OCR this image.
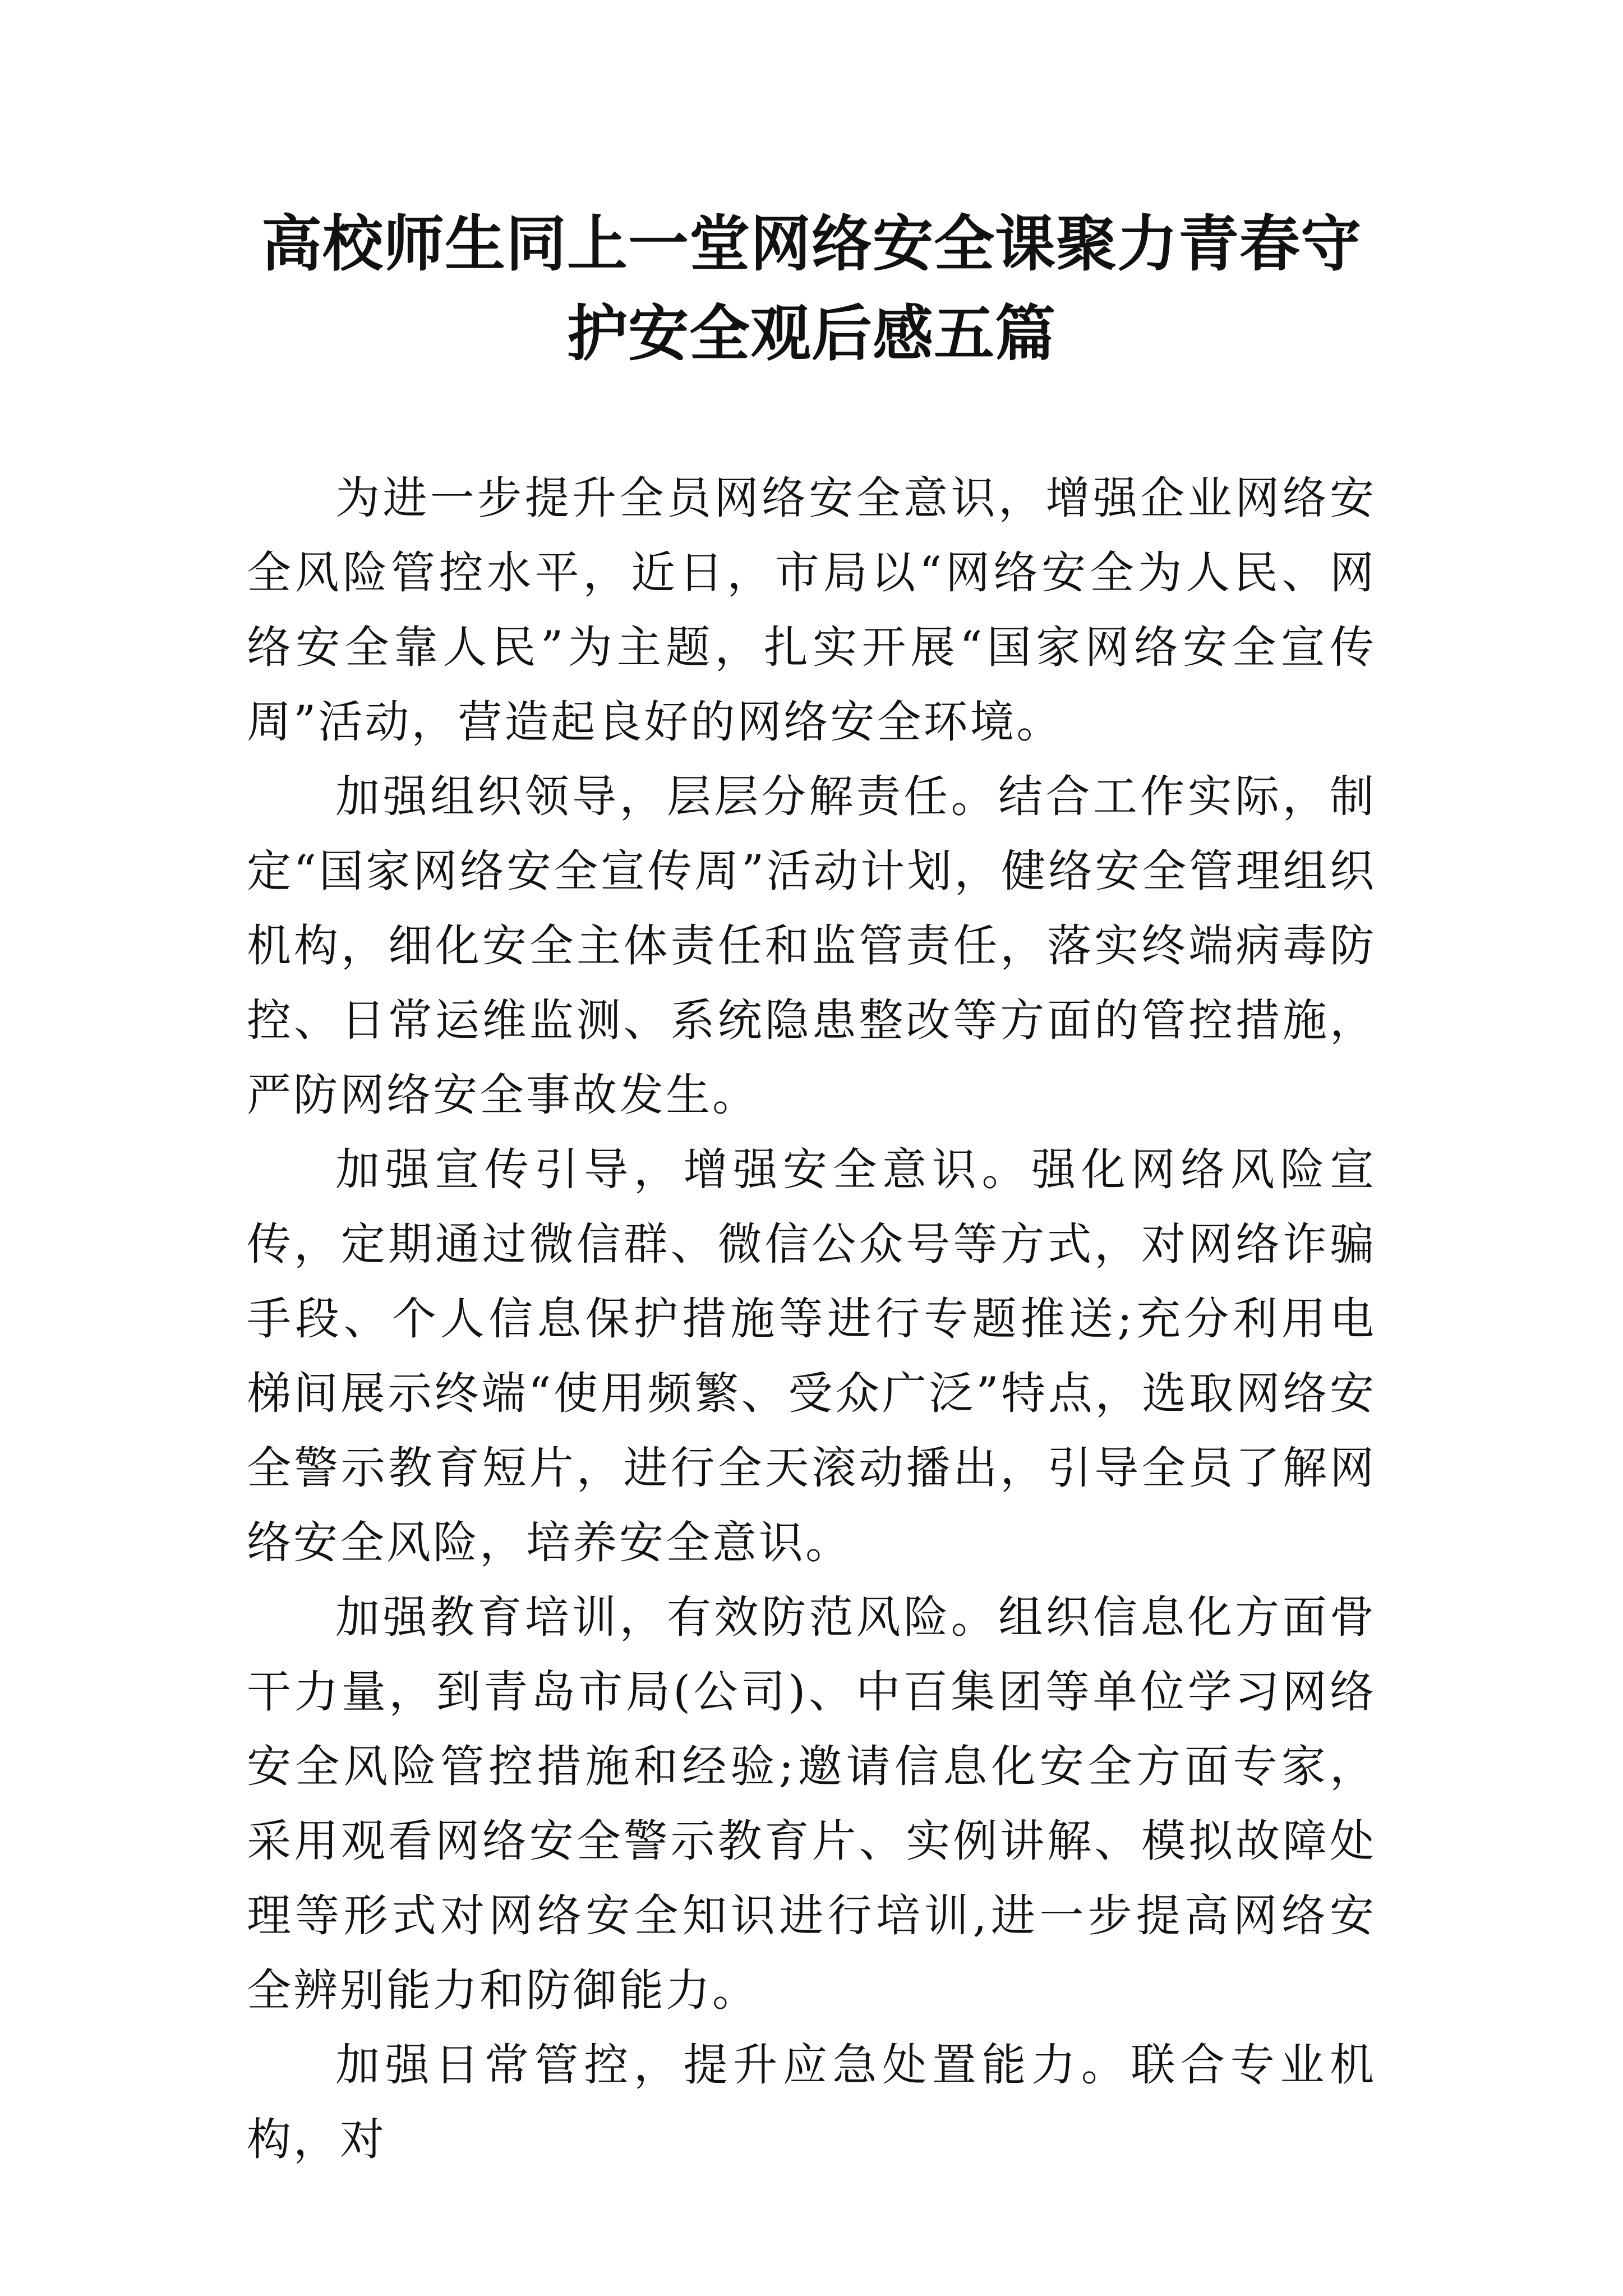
高校师生同上一堂网络安全课聚力青春守
护安全观后感五篇

为进一步提升全员网络安全意识，增强企业网络安全风险管控水平，近日，市局以“网络安全为人民、网络安全靠人民”为主题，扎实开展“国家网络安全宣传周”活动，营造起良好的网络安全环境。

加强组织领导，层层分解责任。结合工作实际，制定“国家网络安全宣传周”活动计划，健络安全管理组织机构，细化安全主体责任和监管责任，落实终端病毒防控、日常运维监测、系统隐患整改等方面的管控措施，严防网络安全事故发生。

加强宣传引导，增强安全意识。强化网络风险宣传，定期通过微信群、微信公众号等方式，对网络诈骗手段、个人信息保护措施等进行专题推送;充分利用电梯间展示终端“使用频繁、受众广泛”特点，选取网络安全警示教育短片，进行全天滚动播出，引导全员了解网络安全风险，培养安全意识。

加强教育培训，有效防范风险。组织信息化方面骨干力量，到青岛市局(公司)、中百集团等单位学习网络安全风险管控措施和经验;邀请信息化安全方面专家，采用观看网络安全警示教育片、实例讲解、模拟故障处理等形式对网络安全知识进行培训,进一步提高网络安全辨别能力和防御能力。

加强日常管控，提升应急处置能力。联合专业机构，对
